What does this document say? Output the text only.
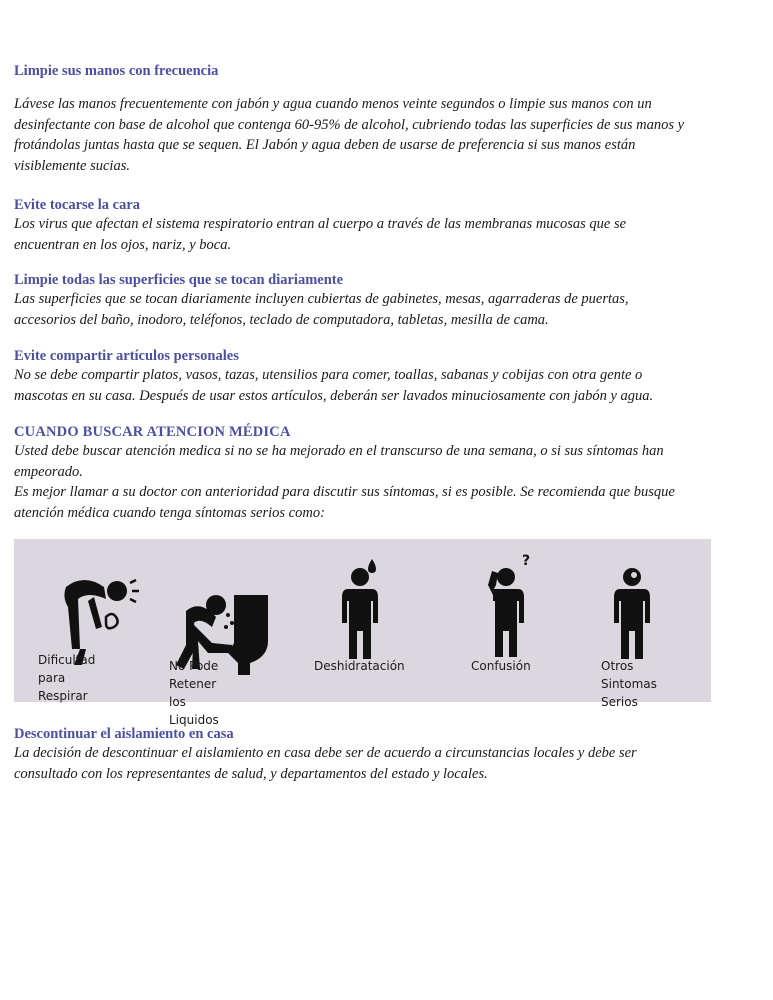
Limpie sus manos con frecuencia

Lávese las manos frecuentemente con jabón y agua cuando menos veinte segundos o limpie sus manos con un

desinfectante con base de alcohol que contenga 60-95% de alcohol, cubriendo todas las superficies de sus manos y

frotándolas juntas hasta que se sequen. El Jabón y agua deben de usarse de preferencia si sus manos están

visiblemente sucias.

Evite tocarse la cara

Los virus que afectan el sistema respiratorio entran al cuerpo a través de las membranas mucosas que se

encuentran en los ojos, nariz, y boca.

Limpie todas las superficies que se tocan diariamente

Las superficies que se tocan diariamente incluyen cubiertas de gabinetes, mesas, agarraderas de puertas,

accesorios del baño, inodoro, teléfonos, teclado de computadora, tabletas, mesilla de cama.

Evite compartir artículos personales

No se debe compartir platos, vasos, tazas, utensilios para comer, toallas, sabanas y cobijas con otra gente o

mascotas en su casa. Después de usar estos artículos, deberán ser lavados minuciosamente con jabón y agua.

CUANDO BUSCAR ATENCION MÉDICA

Usted debe buscar atención medica si no se ha mejorado en el transcurso de una semana, o si sus síntomas han

empeorado.

Es mejor llamar a su doctor con anterioridad para discutir sus síntomas, si es posible. Se recomienda que busque

atención médica cuando tenga síntomas serios como:

Dificultad para
Respirar
No Pode Retener
los Liquidos
Deshidratación
?
Confusión	Otros Sintomas
Serios
Descontinuar el aislamiento en casa

La decisión de descontinuar el aislamiento en casa debe ser de acuerdo a circunstancias locales y debe ser

consultado con los representantes de salud, y departamentos del estado y locales.
